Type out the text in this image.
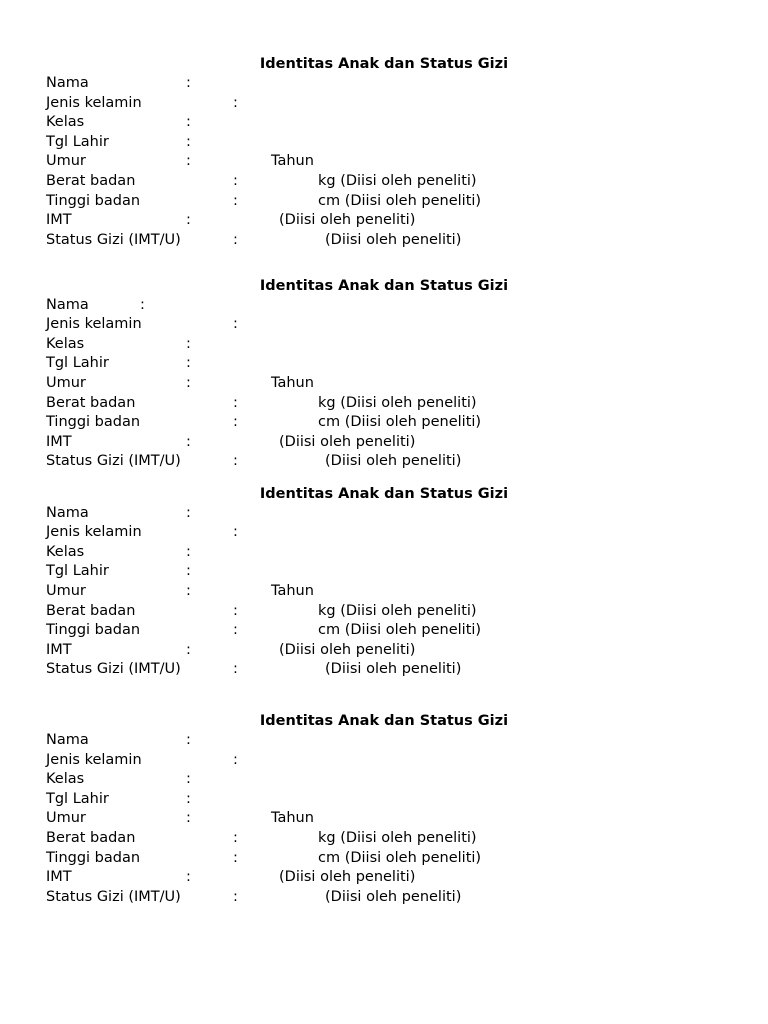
Identitas Anak dan Status Gizi
Nama	:
Jenis kelamin	:
Kelas	:
Tgl Lahir	:
Umur	:	Tahun
Berat badan	:	kg (Diisi oleh peneliti)
Tinggi badan	:	cm (Diisi oleh peneliti)
IMT	:	(Diisi oleh peneliti)
Status Gizi (IMT/U)	:	(Diisi oleh peneliti)
Identitas Anak dan Status Gizi
Nama	:
Jenis kelamin	:
Kelas	:
Tgl Lahir	:
Umur	:	Tahun
Berat badan	:	kg (Diisi oleh peneliti)
Tinggi badan	:	cm (Diisi oleh peneliti)
IMT	:	(Diisi oleh peneliti)
Status Gizi (IMT/U)	:	(Diisi oleh peneliti)
Identitas Anak dan Status Gizi
Nama	:
Jenis kelamin	:
Kelas	:
Tgl Lahir	:
Umur	:	Tahun
Berat badan	:	kg (Diisi oleh peneliti)
Tinggi badan	:	cm (Diisi oleh peneliti)
IMT	:	(Diisi oleh peneliti)
Status Gizi (IMT/U)	:	(Diisi oleh peneliti)
Identitas Anak dan Status Gizi
Nama	:
Jenis kelamin	:
Kelas	:
Tgl Lahir	:
Umur	:	Tahun
Berat badan	:	kg (Diisi oleh peneliti)
Tinggi badan	:	cm (Diisi oleh peneliti)
IMT	:	(Diisi oleh peneliti)
Status Gizi (IMT/U)	:	(Diisi oleh peneliti)
